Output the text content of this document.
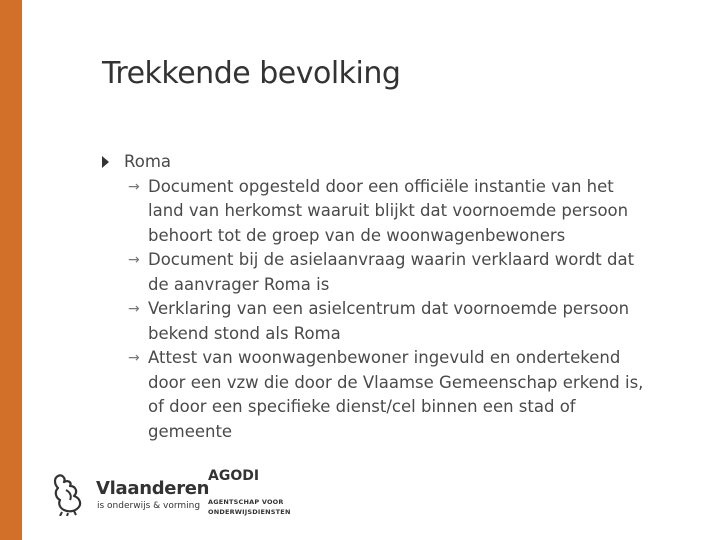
Trekkende bevolking
Roma
→ Document opgesteld door een officiële instantie van het
land van herkomst waaruit blijkt dat voornoemde persoon
behoort tot de groep van de woonwagenbewoners
→ Document bij de asielaanvraag waarin verklaard wordt dat
de aanvrager Roma is
→ Verklaring van een asielcentrum dat voornoemde persoon
bekend stond als Roma
→ Attest van woonwagenbewoner ingevuld en ondertekend
door een vzw die door de Vlaamse Gemeenschap erkend is,
of door een specifieke dienst/cel binnen een stad of
gemeente
Vlaanderen
is onderwijs & vorming
AGODI
AGENTSCHAP VOOR
ONDERWIJSDIENSTEN
